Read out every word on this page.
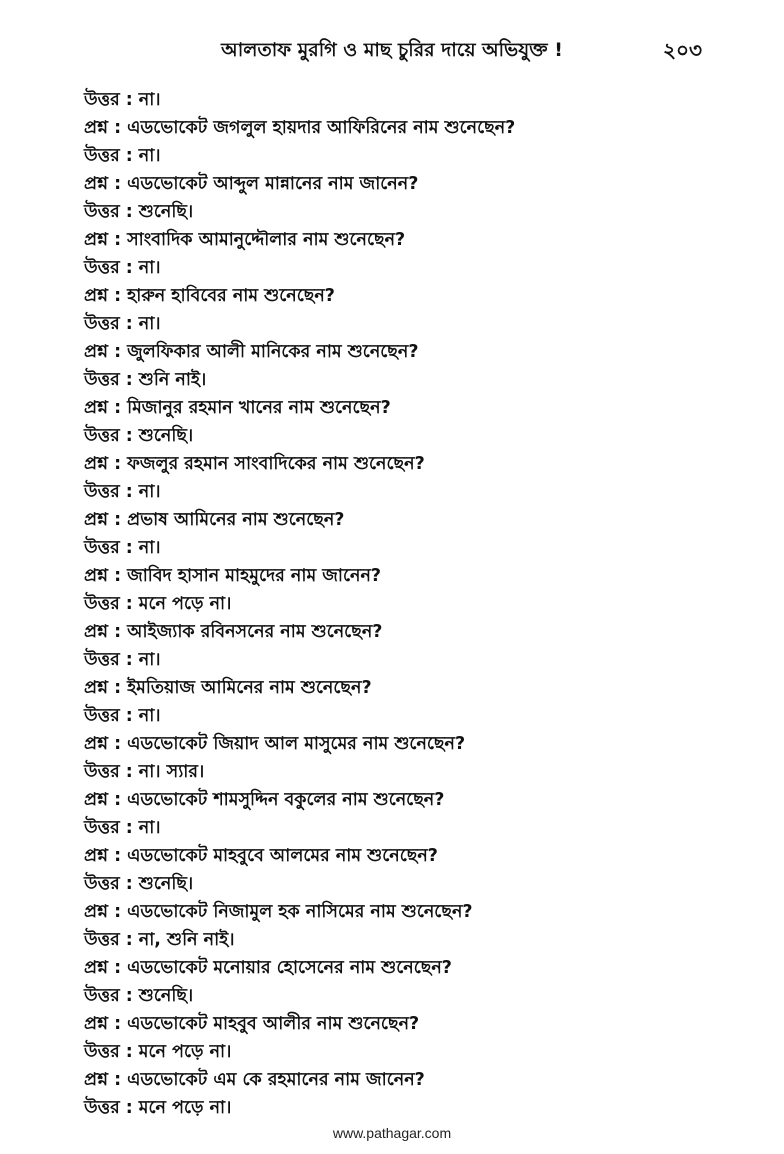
আলতাফ মুরগি ও মাছ চুরির দায়ে অভিযুক্ত !	২০৩
উত্তর : না।
প্রশ্ন : এডভোকেট জগলুল হায়দার আফিরিনের নাম শুনেছেন?
উত্তর : না।
প্রশ্ন : এডভোকেট আব্দুল মান্নানের নাম জানেন?
উত্তর : শুনেছি।
প্রশ্ন : সাংবাদিক আমানুদ্দৌলার নাম শুনেছেন?
উত্তর : না।
প্রশ্ন : হারুন হাবিবের নাম শুনেছেন?
উত্তর : না।
প্রশ্ন : জুলফিকার আলী মানিকের নাম শুনেছেন?
উত্তর : শুনি নাই।
প্রশ্ন : মিজানুর রহমান খানের নাম শুনেছেন?
উত্তর : শুনেছি।
প্রশ্ন : ফজলুর রহমান সাংবাদিকের নাম শুনেছেন?
উত্তর : না।
প্রশ্ন : প্রভাষ আমিনের নাম শুনেছেন?
উত্তর : না।
প্রশ্ন : জাবিদ হাসান মাহমুদের নাম জানেন?
উত্তর : মনে পড়ে না।
প্রশ্ন : আইজ্যাক রবিনসনের নাম শুনেছেন?
উত্তর : না।
প্রশ্ন : ইমতিয়াজ আমিনের নাম শুনেছেন?
উত্তর : না।
প্রশ্ন : এডভোকেট জিয়াদ আল মাসুমের নাম শুনেছেন?
উত্তর : না। স্যার।
প্রশ্ন : এডভোকেট শামসুদ্দিন বকুলের নাম শুনেছেন?
উত্তর : না।
প্রশ্ন : এডভোকেট মাহবুবে আলমের নাম শুনেছেন?
উত্তর : শুনেছি।
প্রশ্ন : এডভোকেট নিজামুল হক নাসিমের নাম শুনেছেন?
উত্তর : না, শুনি নাই।
প্রশ্ন : এডভোকেট মনোয়ার হোসেনের নাম শুনেছেন?
উত্তর : শুনেছি।
প্রশ্ন : এডভোকেট মাহবুব আলীর নাম শুনেছেন?
উত্তর : মনে পড়ে না।
প্রশ্ন : এডভোকেট এম কে রহমানের নাম জানেন?
উত্তর : মনে পড়ে না।
www.pathagar.com
